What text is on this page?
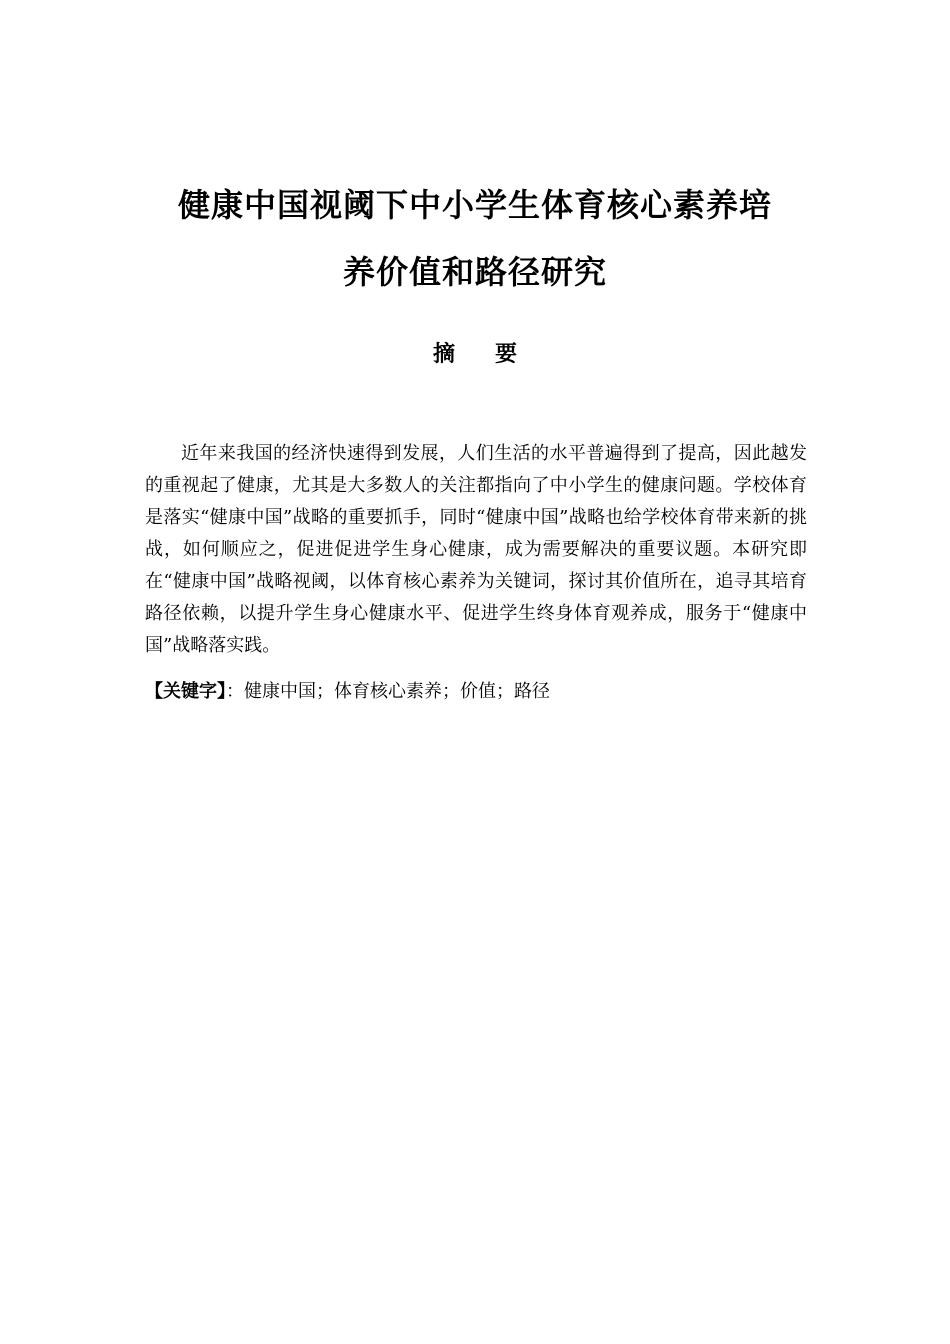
健康中国视阈下中小学生体育核心素养培
养价值和路径研究
摘 要

近年来我国的经济快速得到发展，人们生活的水平普遍得到了提高，因此越发的重视起了健康，尤其是大多数人的关注都指向了中小学生的健康问题。学校体育是落实“健康中国”战略的重要抓手，同时“健康中国”战略也给学校体育带来新的挑战，如何顺应之，促进促进学生身心健康，成为需要解决的重要议题。本研究即在“健康中国”战略视阈，以体育核心素养为关键词，探讨其价值所在，追寻其培育路径依赖，以提升学生身心健康水平、促进学生终身体育观养成，服务于“健康中国”战略落实践。

【关键字】：健康中国；体育核心素养；价值；路径
